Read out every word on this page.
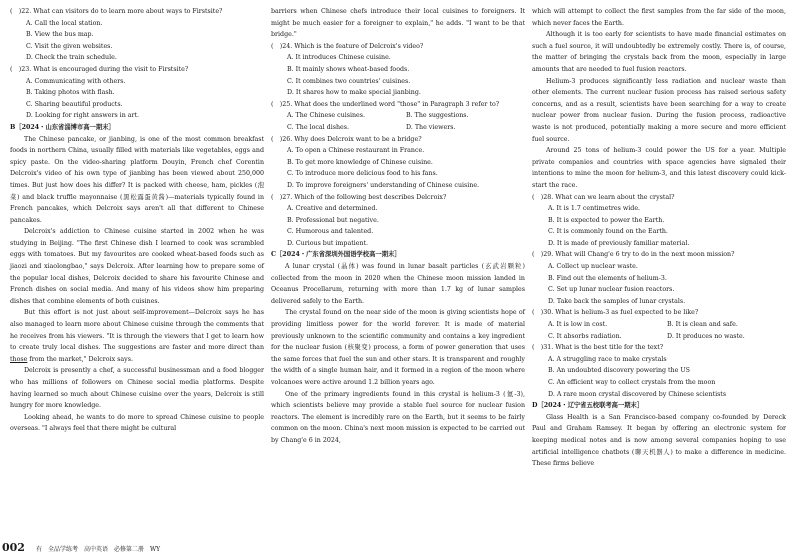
(　)22. What can visitors do to learn more about ways to Firstsite?

A. Call the local station.

B. View the bus map.

C. Visit the given websites.

D. Check the train schedule.

(　)23. What is encouraged during the visit to Firstsite?

A. Communicating with others.

B. Taking photos with flash.

C. Sharing beautiful products.

D. Looking for right answers in art.

B［2024・山东省淄博市高一期末］

The Chinese pancake, or jianbing, is one of the most common breakfast foods in northern China, usually filled with materials like vegetables, eggs and spicy paste. On the video-sharing platform Douyin, French chef Corentin Delcroix's video of his own type of jianbing has been viewed about 250,000 times. But just how does his differ? It is packed with cheese, ham, pickles (泡菜) and black truffle mayonnaise (黑松露蛋黄酱)—materials typically found in French pancakes, which Delcroix says aren't all that different to Chinese pancakes.

Delcroix's addiction to Chinese cuisine started in 2002 when he was studying in Beijing. "The first Chinese dish I learned to cook was scrambled eggs with tomatoes. But my favourites are cooked wheat-based foods such as jiaozi and xiaolongbao," says Delcroix. After learning how to prepare some of the popular local dishes, Delcroix decided to share his favourite Chinese and French dishes on social media. And many of his videos show him preparing dishes that combine elements of both cuisines.

But this effort is not just about self-improvement—Delcroix says he has also managed to learn more about Chinese cuisine through the comments that he receives from his viewers. "It is through the viewers that I get to learn how to create truly local dishes. The suggestions are faster and more direct than those from the market," Delcroix says.

Delcroix is presently a chef, a successful businessman and a food blogger who has millions of followers on Chinese social media platforms. Despite having learned so much about Chinese cuisine over the years, Delcroix is still hungry for more knowledge.

Looking ahead, he wants to do more to spread Chinese cuisine to people overseas. "I always feel that there might be cultural

barriers when Chinese chefs introduce their local cuisines to foreigners. It might be much easier for a foreigner to explain," he adds. "I want to be that bridge."

(　)24. Which is the feature of Delcroix's video?

A. It introduces Chinese cuisine.

B. It mainly shows wheat-based foods.

C. It combines two countries' cuisines.

D. It shares how to make special jianbing.

(　)25. What does the underlined word "those" in Paragraph 3 refer to?

A. The Chinese cuisines.	B. The suggestions.
C. The local dishes.	D. The viewers.

(　)26. Why does Delcroix want to be a bridge?

A. To open a Chinese restaurant in France.

B. To get more knowledge of Chinese cuisine.

C. To introduce more delicious food to his fans.

D. To improve foreigners' understanding of Chinese cuisine.

(　)27. Which of the following best describes Delcroix?

A. Creative and determined.

B. Professional but negative.

C. Humorous and talented.

D. Curious but impatient.

C［2024・广东省深圳外国语学校高一期末］

A lunar crystal (晶体) was found in lunar basalt particles (玄武岩颗粒) collected from the moon in 2020 when the Chinese moon mission landed in Oceanus Procellarum, returning with more than 1.7 kg of lunar samples delivered safely to the Earth.

The crystal found on the near side of the moon is giving scientists hope of providing limitless power for the world forever. It is made of material previously unknown to the scientific community and contains a key ingredient for the nuclear fusion (核聚变) process, a form of power generation that uses the same forces that fuel the sun and other stars. It is transparent and roughly the width of a single human hair, and it formed in a region of the moon where volcanoes were active around 1.2 billion years ago.

One of the primary ingredients found in this crystal is helium-3 (氦-3), which scientists believe may provide a stable fuel source for nuclear fusion reactors. The element is incredibly rare on the Earth, but it seems to be fairly common on the moon. China's next moon mission is expected to be carried out by Chang'e 6 in 2024,

which will attempt to collect the first samples from the far side of the moon, which never faces the Earth.

Although it is too early for scientists to have made financial estimates on such a fuel source, it will undoubtedly be extremely costly. There is, of course, the matter of bringing the crystals back from the moon, especially in large amounts that are needed to fuel fusion reactors.

Helium-3 produces significantly less radiation and nuclear waste than other elements. The current nuclear fusion process has raised serious safety concerns, and as a result, scientists have been searching for a way to create nuclear power from nuclear fusion. During the fusion process, radioactive waste is not produced, potentially making a more secure and more efficient fuel source.

Around 25 tons of helium-3 could power the US for a year. Multiple private companies and countries with space agencies have signaled their intentions to mine the moon for helium-3, and this latest discovery could kick-start the race.

(　)28. What can we learn about the crystal?

A. It is 1.7 centimetres wide.

B. It is expected to power the Earth.

C. It is commonly found on the Earth.

D. It is made of previously familiar material.

(　)29. What will Chang'e 6 try to do in the next moon mission?

A. Collect up nuclear waste.

B. Find out the elements of helium-3.

C. Set up lunar nuclear fusion reactors.

D. Take back the samples of lunar crystals.

(　)30. What is helium-3 as fuel expected to be like?

A. It is low in cost.	B. It is clean and safe.
C. It absorbs radiation.	D. It produces no waste.

(　)31. What is the best title for the text?

A. A struggling race to make crystals

B. An undoubted discovery powering the US

C. An efficient way to collect crystals from the moon

D. A rare moon crystal discovered by Chinese scientists

D［2024・辽宁省五校联考高一期末］

Glass Health is a San Francisco-based company co-founded by Dereck Paul and Graham Ramsey. It began by offering an electronic system for keeping medical notes and is now among several companies hoping to use artificial intelligence chatbots (聊天机器人) to make a difference in medicine. These firms believe

002 有　全品学练考　高中英语　必修第二册　WY
